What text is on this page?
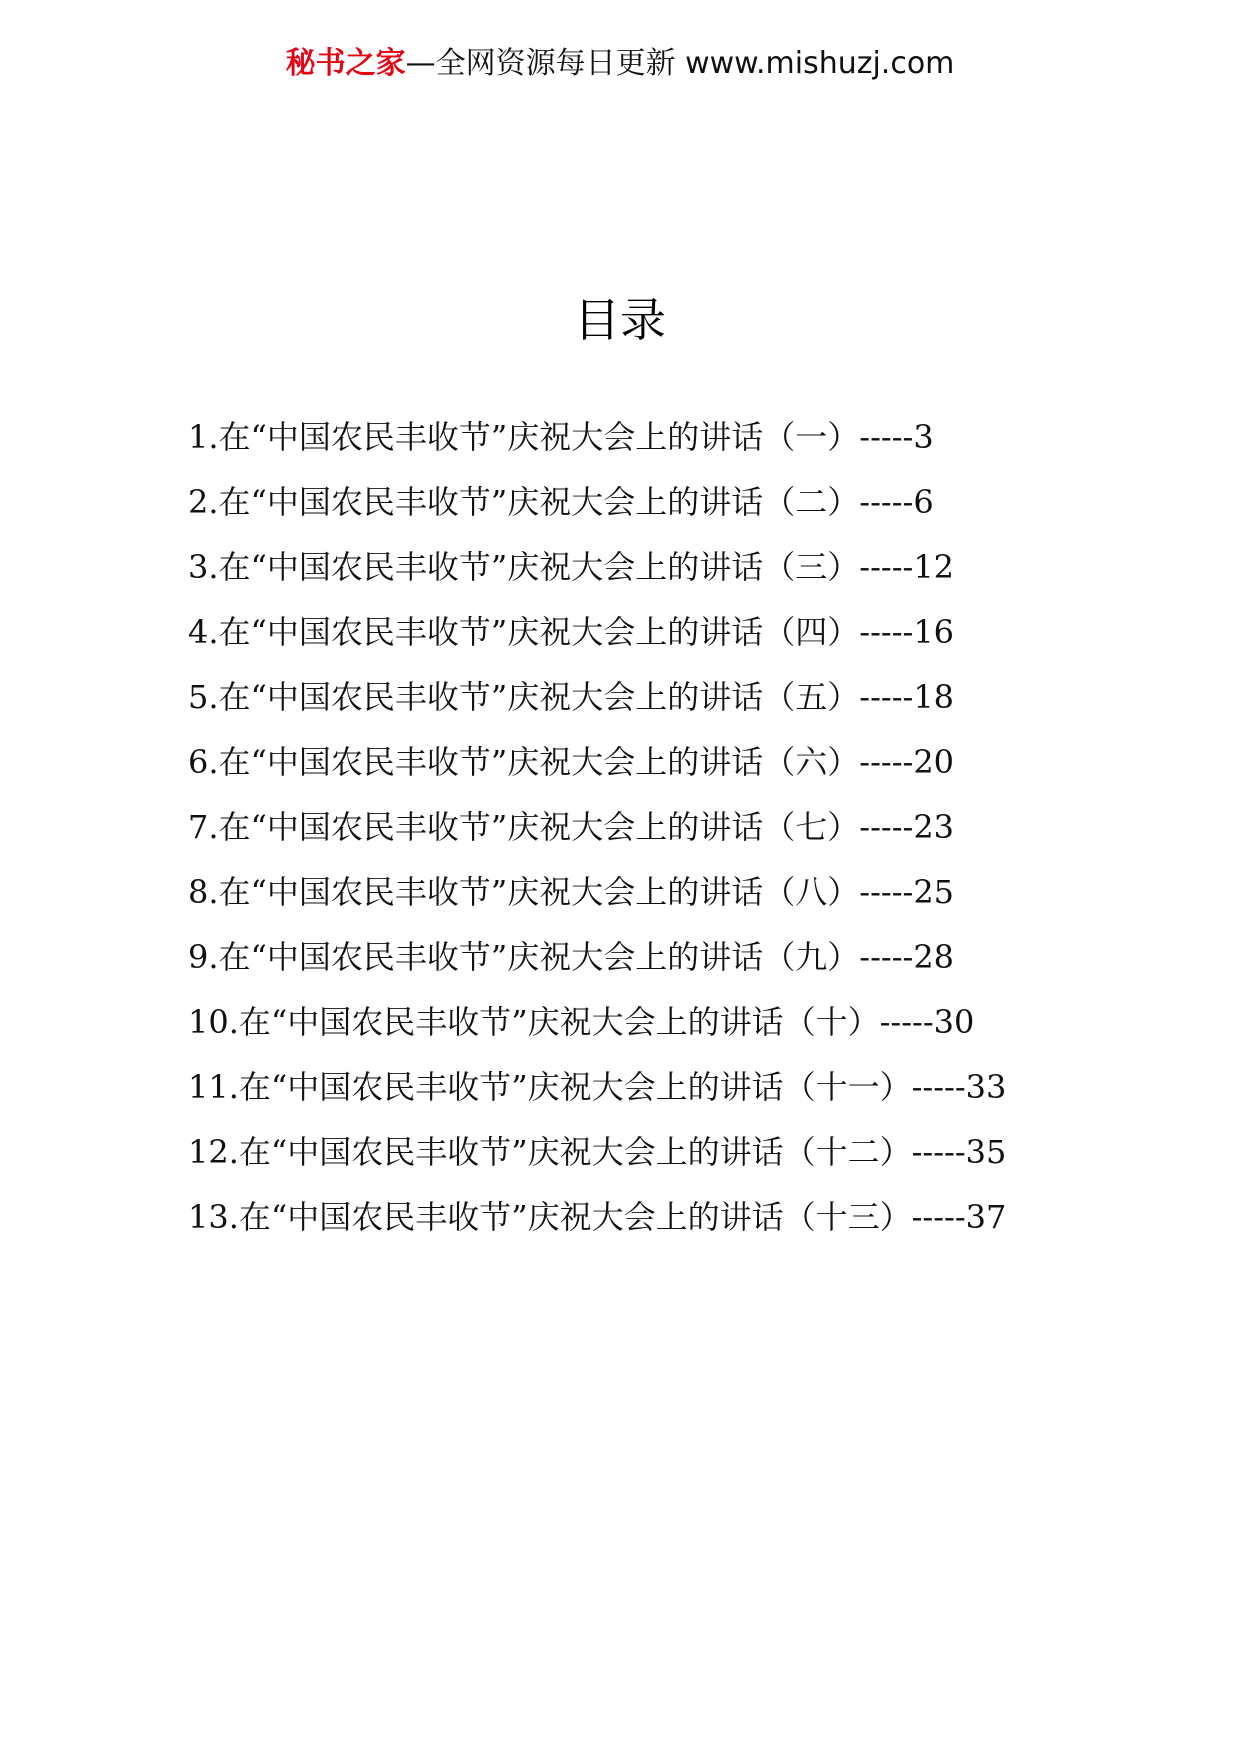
秘书之家—全网资源每日更新 www.mishuzj.com
目录
1.在“中国农民丰收节”庆祝大会上的讲话（一）-----3
2.在“中国农民丰收节”庆祝大会上的讲话（二）-----6
3.在“中国农民丰收节”庆祝大会上的讲话（三）-----12
4.在“中国农民丰收节”庆祝大会上的讲话（四）-----16
5.在“中国农民丰收节”庆祝大会上的讲话（五）-----18
6.在“中国农民丰收节”庆祝大会上的讲话（六）-----20
7.在“中国农民丰收节”庆祝大会上的讲话（七）-----23
8.在“中国农民丰收节”庆祝大会上的讲话（八）-----25
9.在“中国农民丰收节”庆祝大会上的讲话（九）-----28
10.在“中国农民丰收节”庆祝大会上的讲话（十）-----30
11.在“中国农民丰收节”庆祝大会上的讲话（十一）-----33
12.在“中国农民丰收节”庆祝大会上的讲话（十二）-----35
13.在“中国农民丰收节”庆祝大会上的讲话（十三）-----37
